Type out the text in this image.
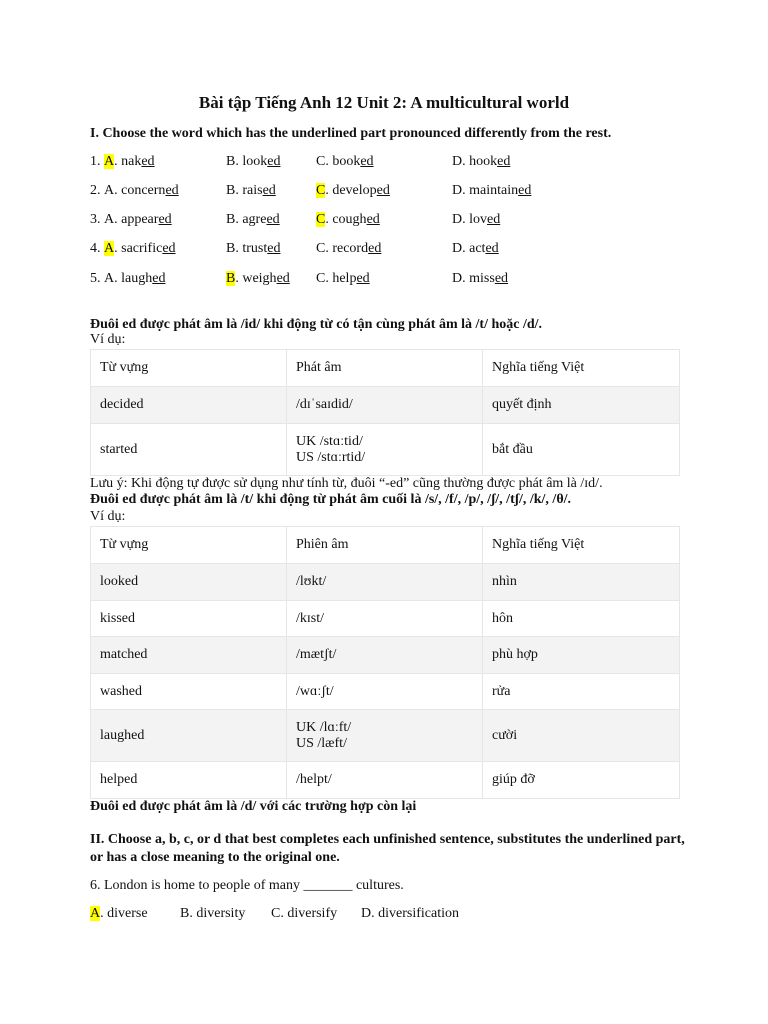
Bài tập Tiếng Anh 12 Unit 2: A multicultural world
I. Choose the word which has the underlined part pronounced differently from the rest.
1. A. naked	B. looked	C. booked	D. hooked
2. A. concerned	B. raised	C. developed	D. maintained
3. A. appeared	B. agreed	C. coughed	D. loved
4. A. sacrificed	B. trusted	C. recorded	D. acted
5. A. laughed	B. weighed C. helped	D. missed
Đuôi ed được phát âm là /id/ khi động từ có tận cùng phát âm là /t/ hoặc /d/.
Ví dụ:
Từ vựng	Phát âm	Nghĩa tiếng Việt

decided	/dɪˈsaɪdid/	quyết định

started	UK /stɑːtid/
US /stɑːrtid/	bắt đầu
Lưu ý: Khi động tự được sử dụng như tính từ, đuôi “-ed” cũng thường được phát âm là /ɪd/.
Đuôi ed được phát âm là /t/ khi động từ phát âm cuối là /s/, /f/, /p/, /ʃ/, /tʃ/, /k/, /θ/.
Ví dụ:
Từ vựng	Phiên âm	Nghĩa tiếng Việt

looked	/lʊkt/	nhìn

kissed	/kɪst/	hôn

matched	/mætʃt/	phù hợp

washed	/wɑːʃt/	rửa

laughed	UK /lɑːft/
US /læft/	cười

helped	/helpt/	giúp đỡ
Đuôi ed được phát âm là /d/ với các trường hợp còn lại
II. Choose a, b, c, or d that best completes each unfinished sentence, substitutes the underlined part,
or has a close meaning to the original one.
6. London is home to people of many _______ cultures.
A. diverse B. diversity C. diversify D. diversification
